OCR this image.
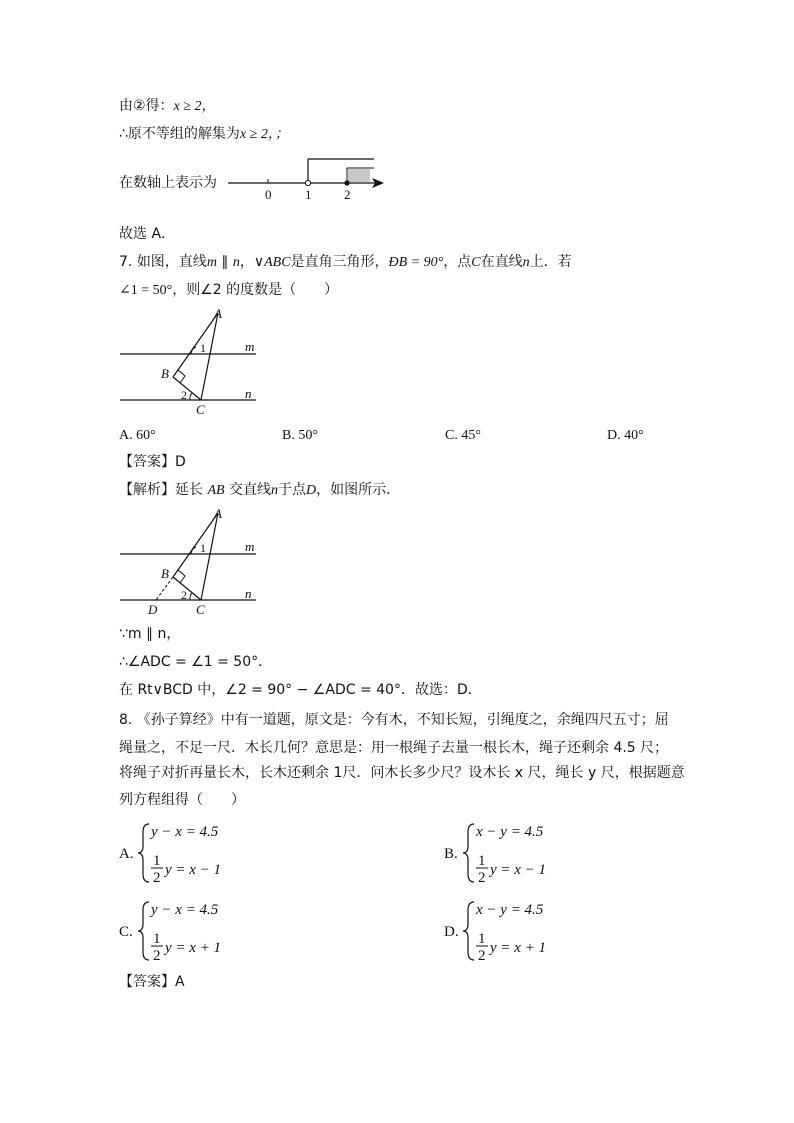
由②得：x ≥ 2，
∴原不等组的解集为x ≥ 2，；
在数轴上表示为
0	1	2
故选 A．
7. 如图，直线m ∥ n，∨ABC是直角三角形，ÐB = 90°，点C在直线n上．若
∠1 = 50°，则∠2 的度数是（　　）
A
B
C
m
n
1
2
A. 60°	B. 50°	C. 45°	D. 40°
【答案】D
【解析】延长 AB 交直线n于点D，如图所示．
A
B
C
D
m
n
1
2
∵m ∥ n，
∴∠ADC = ∠1 = 50°．
在 Rt∨BCD 中，∠2 = 90° − ∠ADC = 40°．故选：D．
8. 《孙子算经》中有一道题，原文是：今有木，不知长短，引绳度之，余绳四尺五寸；屈
绳量之，不足一尺．木长几何？意思是：用一根绳子去量一根长木，绳子还剩余 4.5 尺；
将绳子对折再量长木，长木还剩余 1尺．问木长多少尺？设木长 x 尺，绳长 y 尺，根据题意
列方程组得（　　）
A.
y − x = 4.5
1
2 y = x − 1
B.
x − y = 4.5
1
2 y = x − 1
C.
y − x = 4.5
1
2 y = x + 1
D.
x − y = 4.5
1
2 y = x + 1
【答案】A
